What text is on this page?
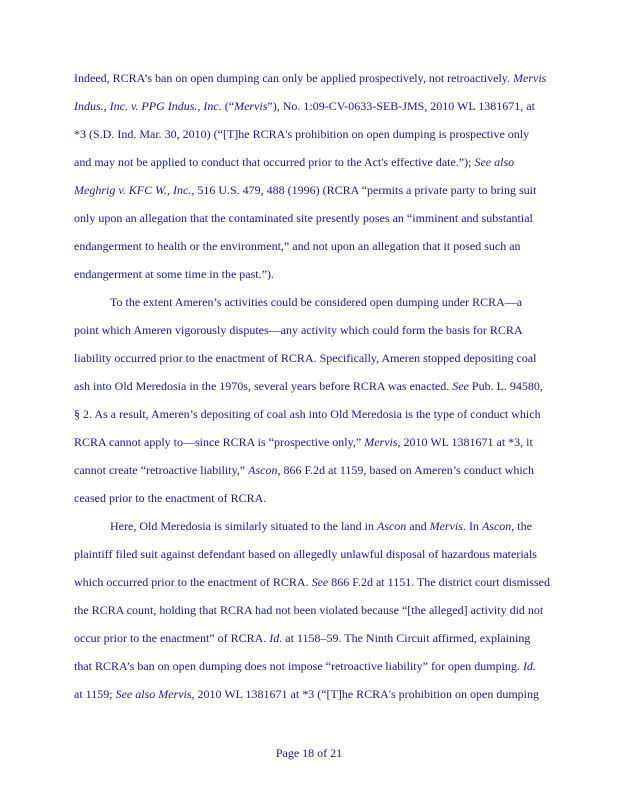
Indeed, RCRA’s ban on open dumping can only be applied prospectively, not retroactively. Mervis
Indus., Inc. v. PPG Indus., Inc. (“Mervis”), No. 1:09-CV-0633-SEB-JMS, 2010 WL 1381671, at
*3 (S.D. Ind. Mar. 30, 2010) (“[T]he RCRA's prohibition on open dumping is prospective only
and may not be applied to conduct that occurred prior to the Act's effective date.”); See also
Meghrig v. KFC W., Inc., 516 U.S. 479, 488 (1996) (RCRA “permits a private party to bring suit
only upon an allegation that the contaminated site presently poses an “imminent and substantial
endangerment to health or the environment,” and not upon an allegation that it posed such an
endangerment at some time in the past.”).
To the extent Ameren’s activities could be considered open dumping under RCRA—a
point which Ameren vigorously disputes—any activity which could form the basis for RCRA
liability occurred prior to the enactment of RCRA. Specifically, Ameren stopped depositing coal
ash into Old Meredosia in the 1970s, several years before RCRA was enacted. See Pub. L. 94580,
§ 2. As a result, Ameren’s depositing of coal ash into Old Meredosia is the type of conduct which
RCRA cannot apply to—since RCRA is “prospective only,” Mervis, 2010 WL 1381671 at *3, it
cannot create “retroactive liability,” Ascon, 866 F.2d at 1159, based on Ameren’s conduct which
ceased prior to the enactment of RCRA.
Here, Old Meredosia is similarly situated to the land in Ascon and Mervis. In Ascon, the
plaintiff filed suit against defendant based on allegedly unlawful disposal of hazardous materials
which occurred prior to the enactment of RCRA. See 866 F.2d at 1151. The district court dismissed
the RCRA count, holding that RCRA had not been violated because “[the alleged] activity did not
occur prior to the enactment” of RCRA. Id. at 1158–59. The Ninth Circuit affirmed, explaining
that RCRA’s ban on open dumping does not impose “retroactive liability” for open dumping. Id.
at 1159; See also Mervis, 2010 WL 1381671 at *3 (“[T]he RCRA's prohibition on open dumping
Page 18 of 21
